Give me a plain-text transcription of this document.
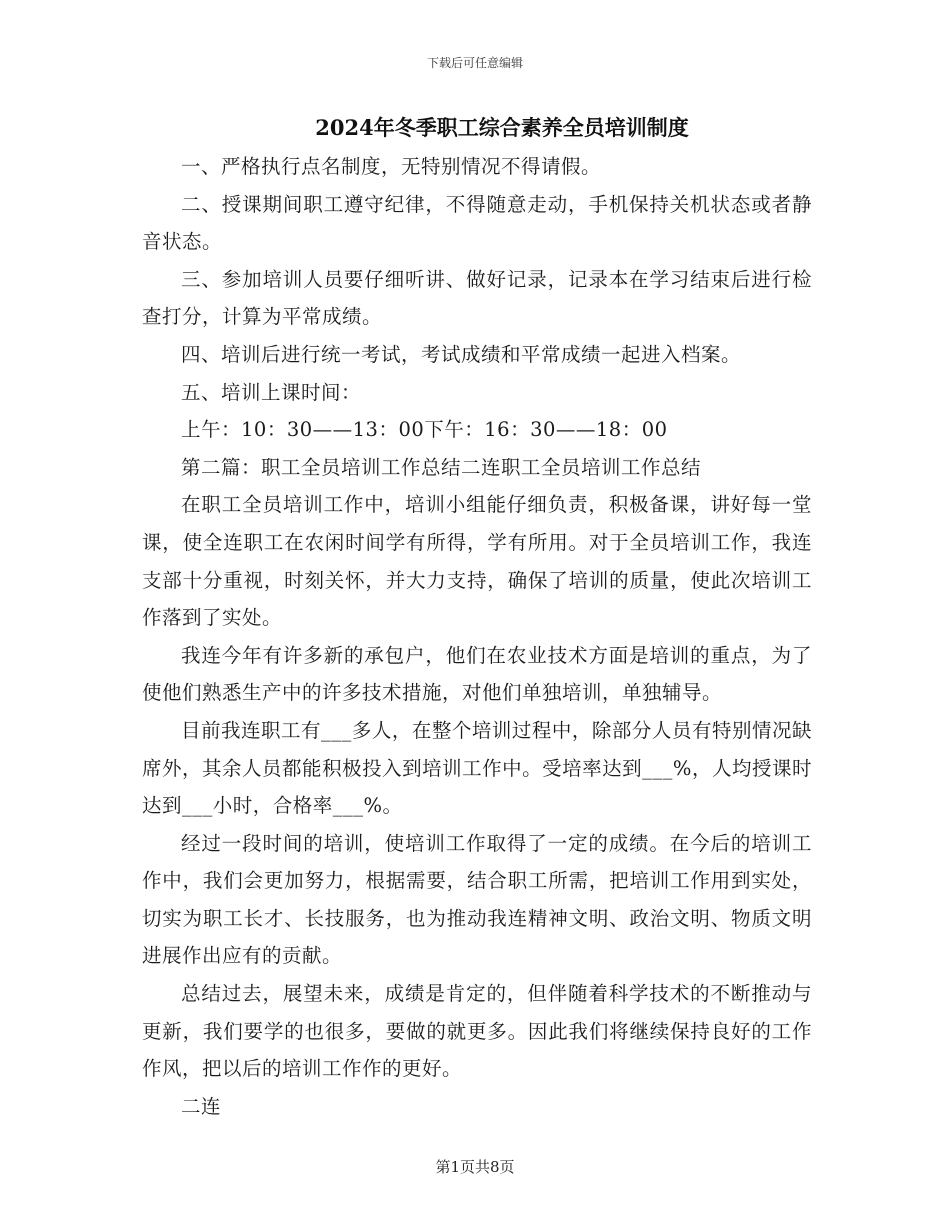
下载后可任意编辑
2024年冬季职工综合素养全员培训制度

一、严格执行点名制度，无特别情况不得请假。

二、授课期间职工遵守纪律，不得随意走动，手机保持关机状态或者静音状态。

三、参加培训人员要仔细听讲、做好记录，记录本在学习结束后进行检查打分，计算为平常成绩。

四、培训后进行统一考试，考试成绩和平常成绩一起进入档案。

五、培训上课时间：

上午：10：30——13：00下午：16：30——18：00

第二篇：职工全员培训工作总结二连职工全员培训工作总结

在职工全员培训工作中，培训小组能仔细负责，积极备课，讲好每一堂课，使全连职工在农闲时间学有所得，学有所用。对于全员培训工作，我连支部十分重视，时刻关怀，并大力支持，确保了培训的质量，使此次培训工作落到了实处。

我连今年有许多新的承包户，他们在农业技术方面是培训的重点，为了使他们熟悉生产中的许多技术措施，对他们单独培训，单独辅导。

目前我连职工有___多人，在整个培训过程中，除部分人员有特别情况缺席外，其余人员都能积极投入到培训工作中。受培率达到___%，人均授课时达到___小时，合格率___%。

经过一段时间的培训，使培训工作取得了一定的成绩。在今后的培训工作中，我们会更加努力，根据需要，结合职工所需，把培训工作用到实处，切实为职工长才、长技服务，也为推动我连精神文明、政治文明、物质文明进展作出应有的贡献。

总结过去，展望未来，成绩是肯定的，但伴随着科学技术的不断推动与更新，我们要学的也很多，要做的就更多。因此我们将继续保持良好的工作作风，把以后的培训工作作的更好。

二连

第1页共8页
